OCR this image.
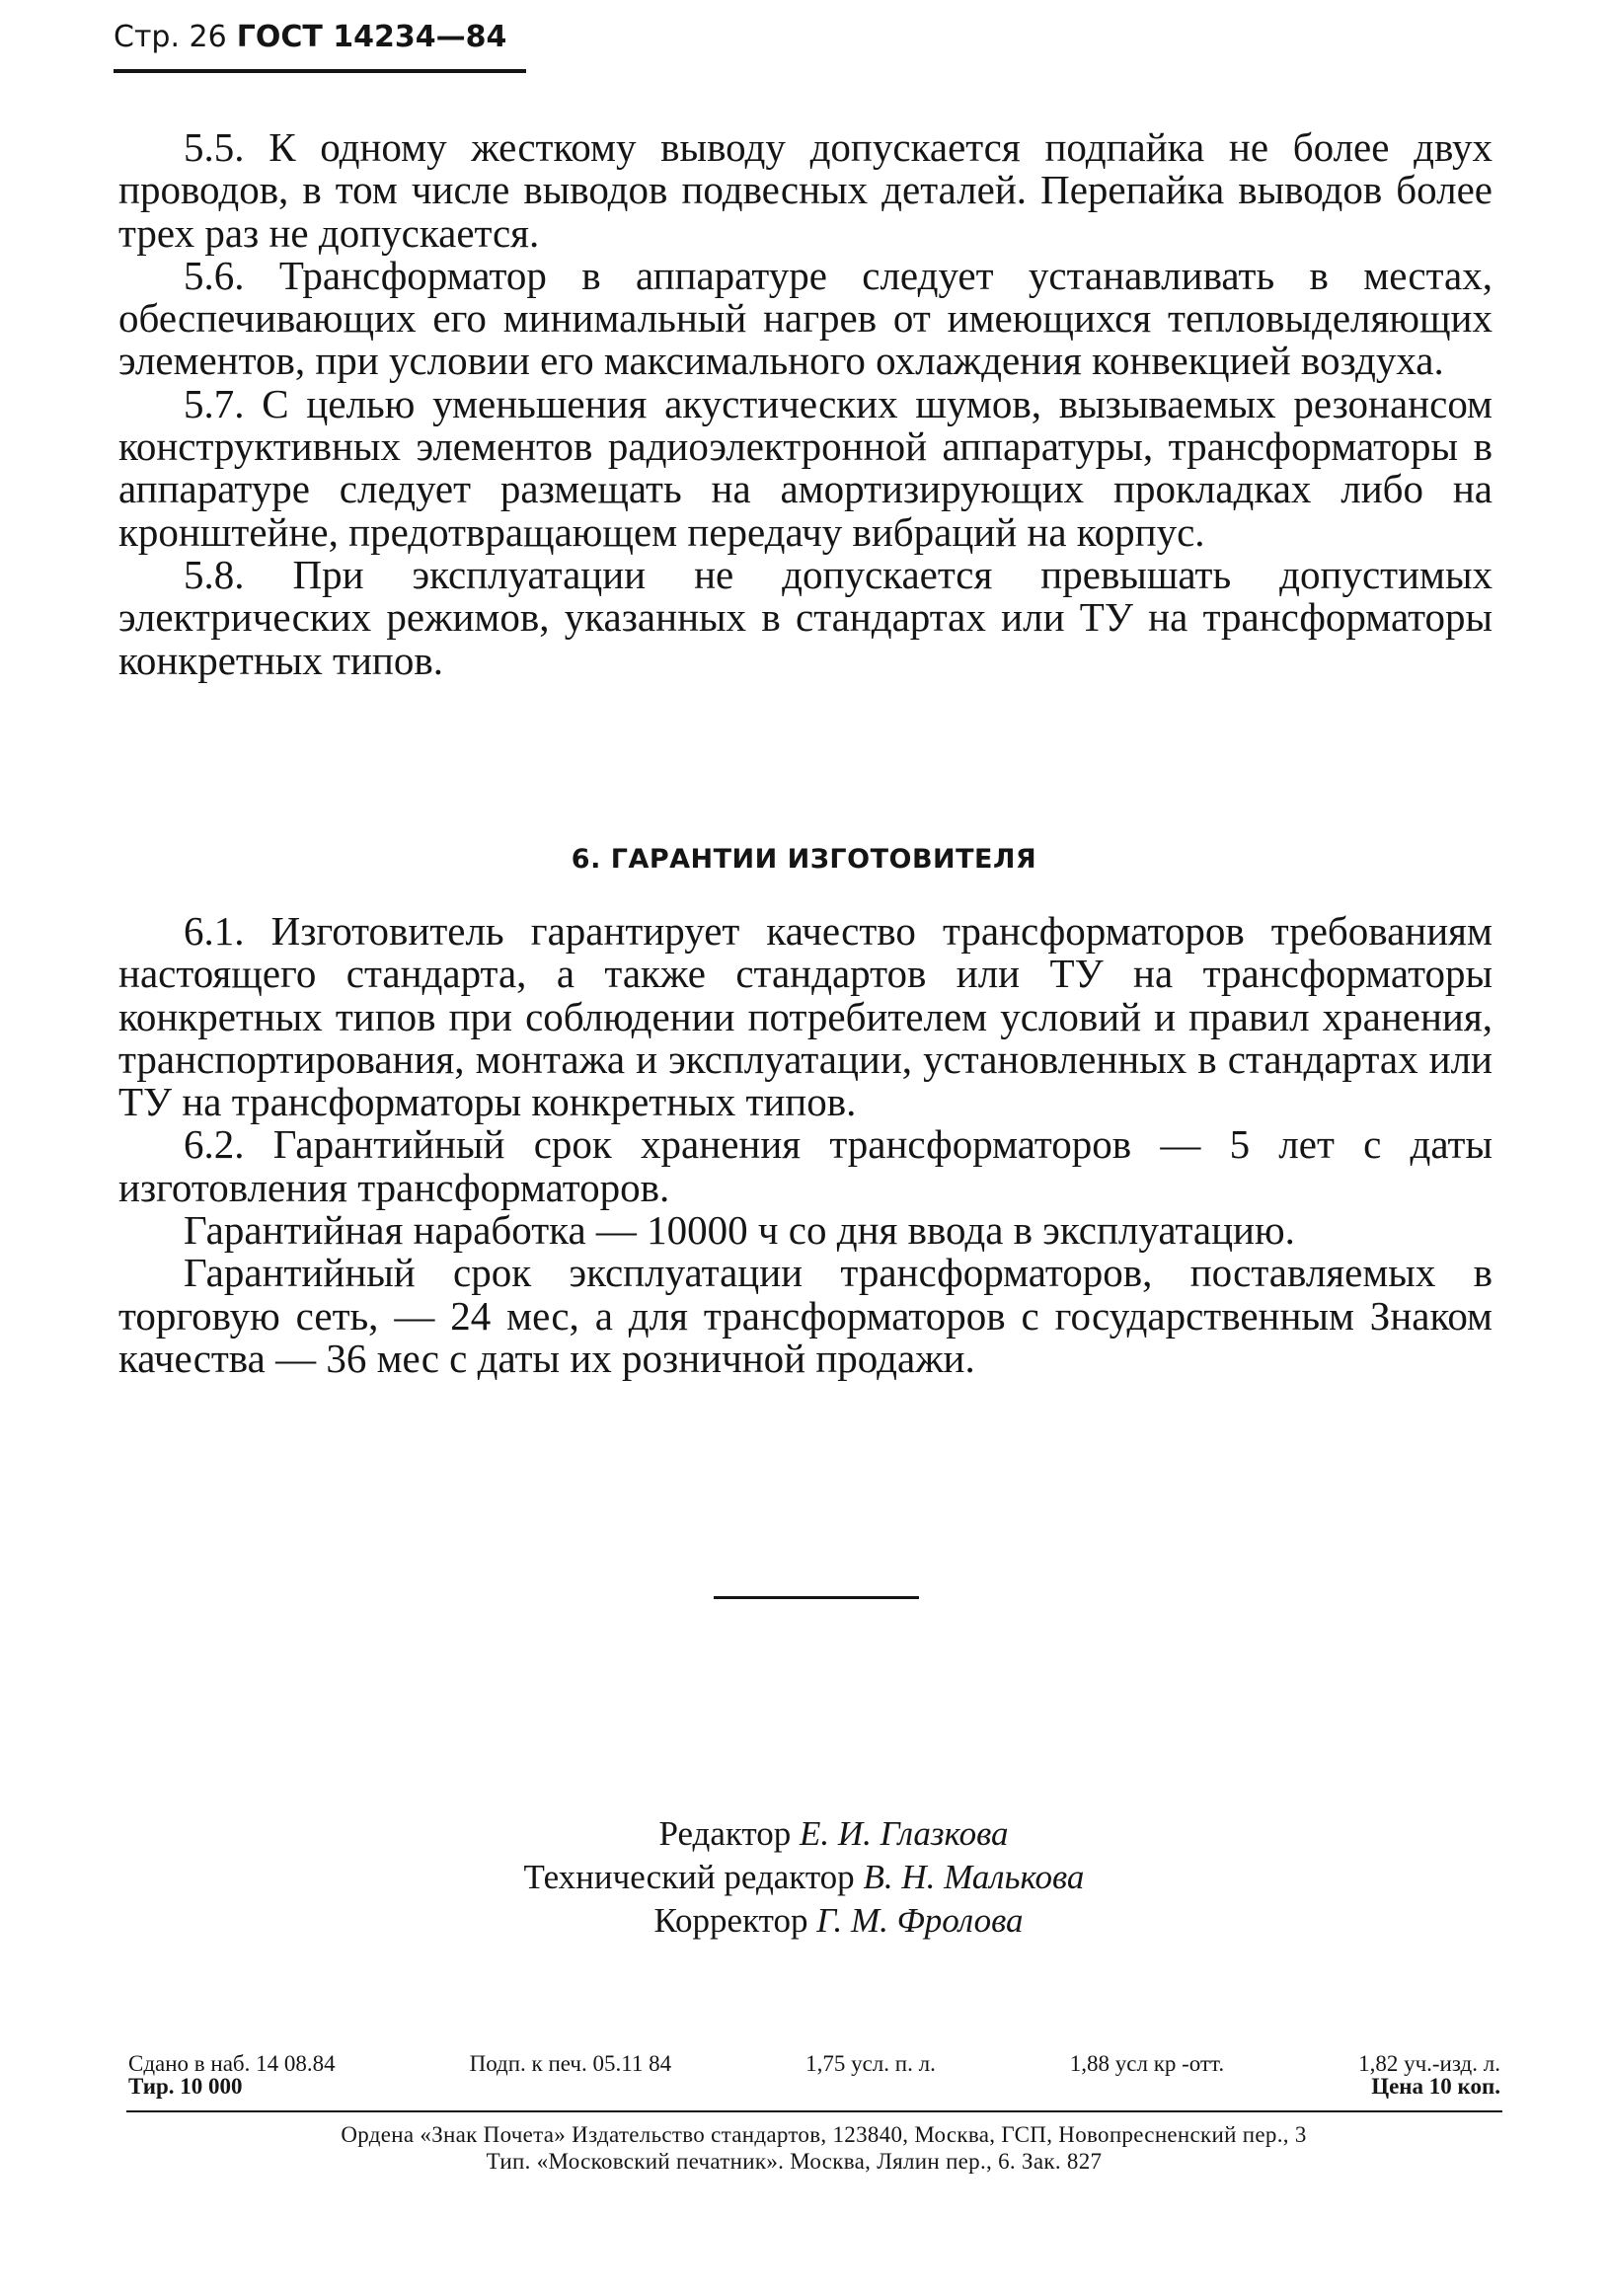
Стр. 26 ГОСТ 14234—84

5.5. К одному жесткому выводу допускается подпайка не более двух проводов, в том числе выводов подвесных деталей. Перепайка выводов более трех раз не допускается.

5.6. Трансформатор в аппаратуре следует устанавливать в местах, обеспечивающих его минимальный нагрев от имеющихся тепловыделяющих элементов, при условии его максимального охлаждения конвекцией воздуха.

5.7. С целью уменьшения акустических шумов, вызываемых резонансом конструктивных элементов радиоэлектронной аппаратуры, трансформаторы в аппаратуре следует размещать на амортизирующих прокладках либо на кронштейне, предотвращающем передачу вибраций на корпус.

5.8. При эксплуатации не допускается превышать допустимых электрических режимов, указанных в стандартах или ТУ на трансформаторы конкретных типов.

6. ГАРАНТИИ ИЗГОТОВИТЕЛЯ

6.1. Изготовитель гарантирует качество трансформаторов требованиям настоящего стандарта, а также стандартов или ТУ на трансформаторы конкретных типов при соблюдении потребителем условий и правил хранения, транспортирования, монтажа и эксплуатации, установленных в стандартах или ТУ на трансформаторы конкретных типов.

6.2. Гарантийный срок хранения трансформаторов — 5 лет с даты изготовления трансформаторов.

Гарантийная наработка — 10000 ч со дня ввода в эксплуатацию.

Гарантийный срок эксплуатации трансформаторов, поставляемых в торговую сеть, — 24 мес, а для трансформаторов с государственным Знаком качества — 36 мес с даты их розничной продажи.

Редактор Е. И. Глазкова
Технический редактор В. Н. Малькова
Корректор Г. М. Фролова
Сдано в наб. 14 08.84	Подп. к печ. 05.11 84	1,75 усл. п. л.	1,88 усл кр -отт.	1,82 уч.-изд. л.
Тир. 10 000	Цена 10 коп.
Ордена «Знак Почета» Издательство стандартов, 123840, Москва, ГСП, Новопресненский пер., 3
Тип. «Московский печатник». Москва, Лялин пер., 6. Зак. 827
